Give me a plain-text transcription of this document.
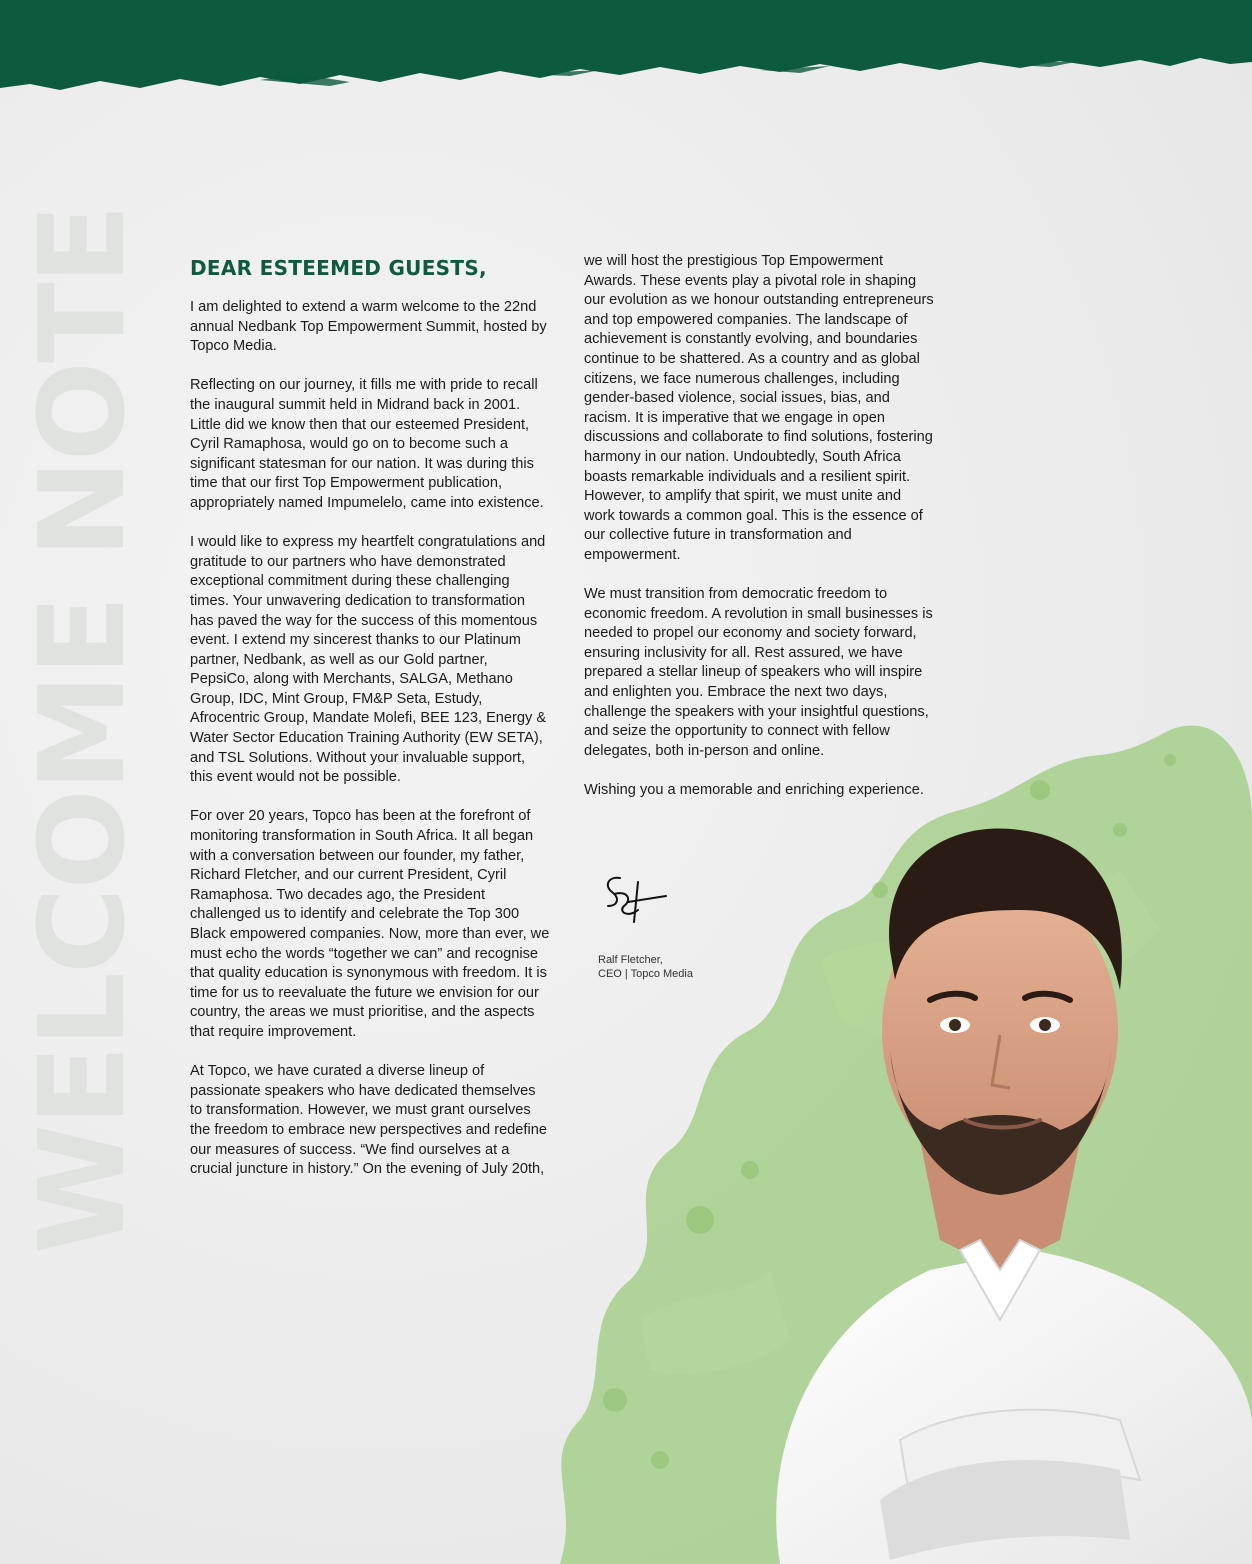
WELCOME NOTE DEAR ESTEEMED GUESTS,

I am delighted to extend a warm welcome to the 22nd annual Nedbank Top Empowerment Summit, hosted by Topco Media.

Reflecting on our journey, it fills me with pride to recall the inaugural summit held in Midrand back in 2001. Little did we know then that our esteemed President, Cyril Ramaphosa, would go on to become such a significant statesman for our nation. It was during this time that our first Top Empowerment publication, appropriately named Impumelelo, came into existence.

I would like to express my heartfelt congratulations and gratitude to our partners who have demonstrated exceptional commitment during these challenging times. Your unwavering dedication to transformation has paved the way for the success of this momentous event. I extend my sincerest thanks to our Platinum partner, Nedbank, as well as our Gold partner, PepsiCo, along with Merchants, SALGA, Methano Group, IDC, Mint Group, FM&P Seta, Estudy, Afrocentric Group, Mandate Molefi, BEE 123, Energy & Water Sector Education Training Authority (EW SETA), and TSL Solutions. Without your invaluable support, this event would not be possible.

For over 20 years, Topco has been at the forefront of monitoring transformation in South Africa. It all began with a conversation between our founder, my father, Richard Fletcher, and our current President, Cyril Ramaphosa. Two decades ago, the President challenged us to identify and celebrate the Top 300 Black empowered companies. Now, more than ever, we must echo the words “together we can” and recognise that quality education is synonymous with freedom. It is time for us to reevaluate the future we envision for our country, the areas we must prioritise, and the aspects that require improvement.

At Topco, we have curated a diverse lineup of passionate speakers who have dedicated themselves to transformation. However, we must grant ourselves the freedom to embrace new perspectives and redefine our measures of success. “We find ourselves at a crucial juncture in history.” On the evening of July 20th,

we will host the prestigious Top Empowerment Awards. These events play a pivotal role in shaping our evolution as we honour outstanding entrepreneurs and top empowered companies. The landscape of achievement is constantly evolving, and boundaries continue to be shattered. As a country and as global citizens, we face numerous challenges, including gender-based violence, social issues, bias, and racism. It is imperative that we engage in open discussions and collaborate to find solutions, fostering harmony in our nation. Undoubtedly, South Africa boasts remarkable individuals and a resilient spirit. However, to amplify that spirit, we must unite and work towards a common goal. This is the essence of our collective future in transformation and empowerment.

We must transition from democratic freedom to economic freedom. A revolution in small businesses is needed to propel our economy and society forward, ensuring inclusivity for all. Rest assured, we have prepared a stellar lineup of speakers who will inspire and enlighten you. Embrace the next two days, challenge the speakers with your insightful questions, and seize the opportunity to connect with fellow delegates, both in-person and online.

Wishing you a memorable and enriching experience.

Ralf Fletcher,
CEO | Topco Media
